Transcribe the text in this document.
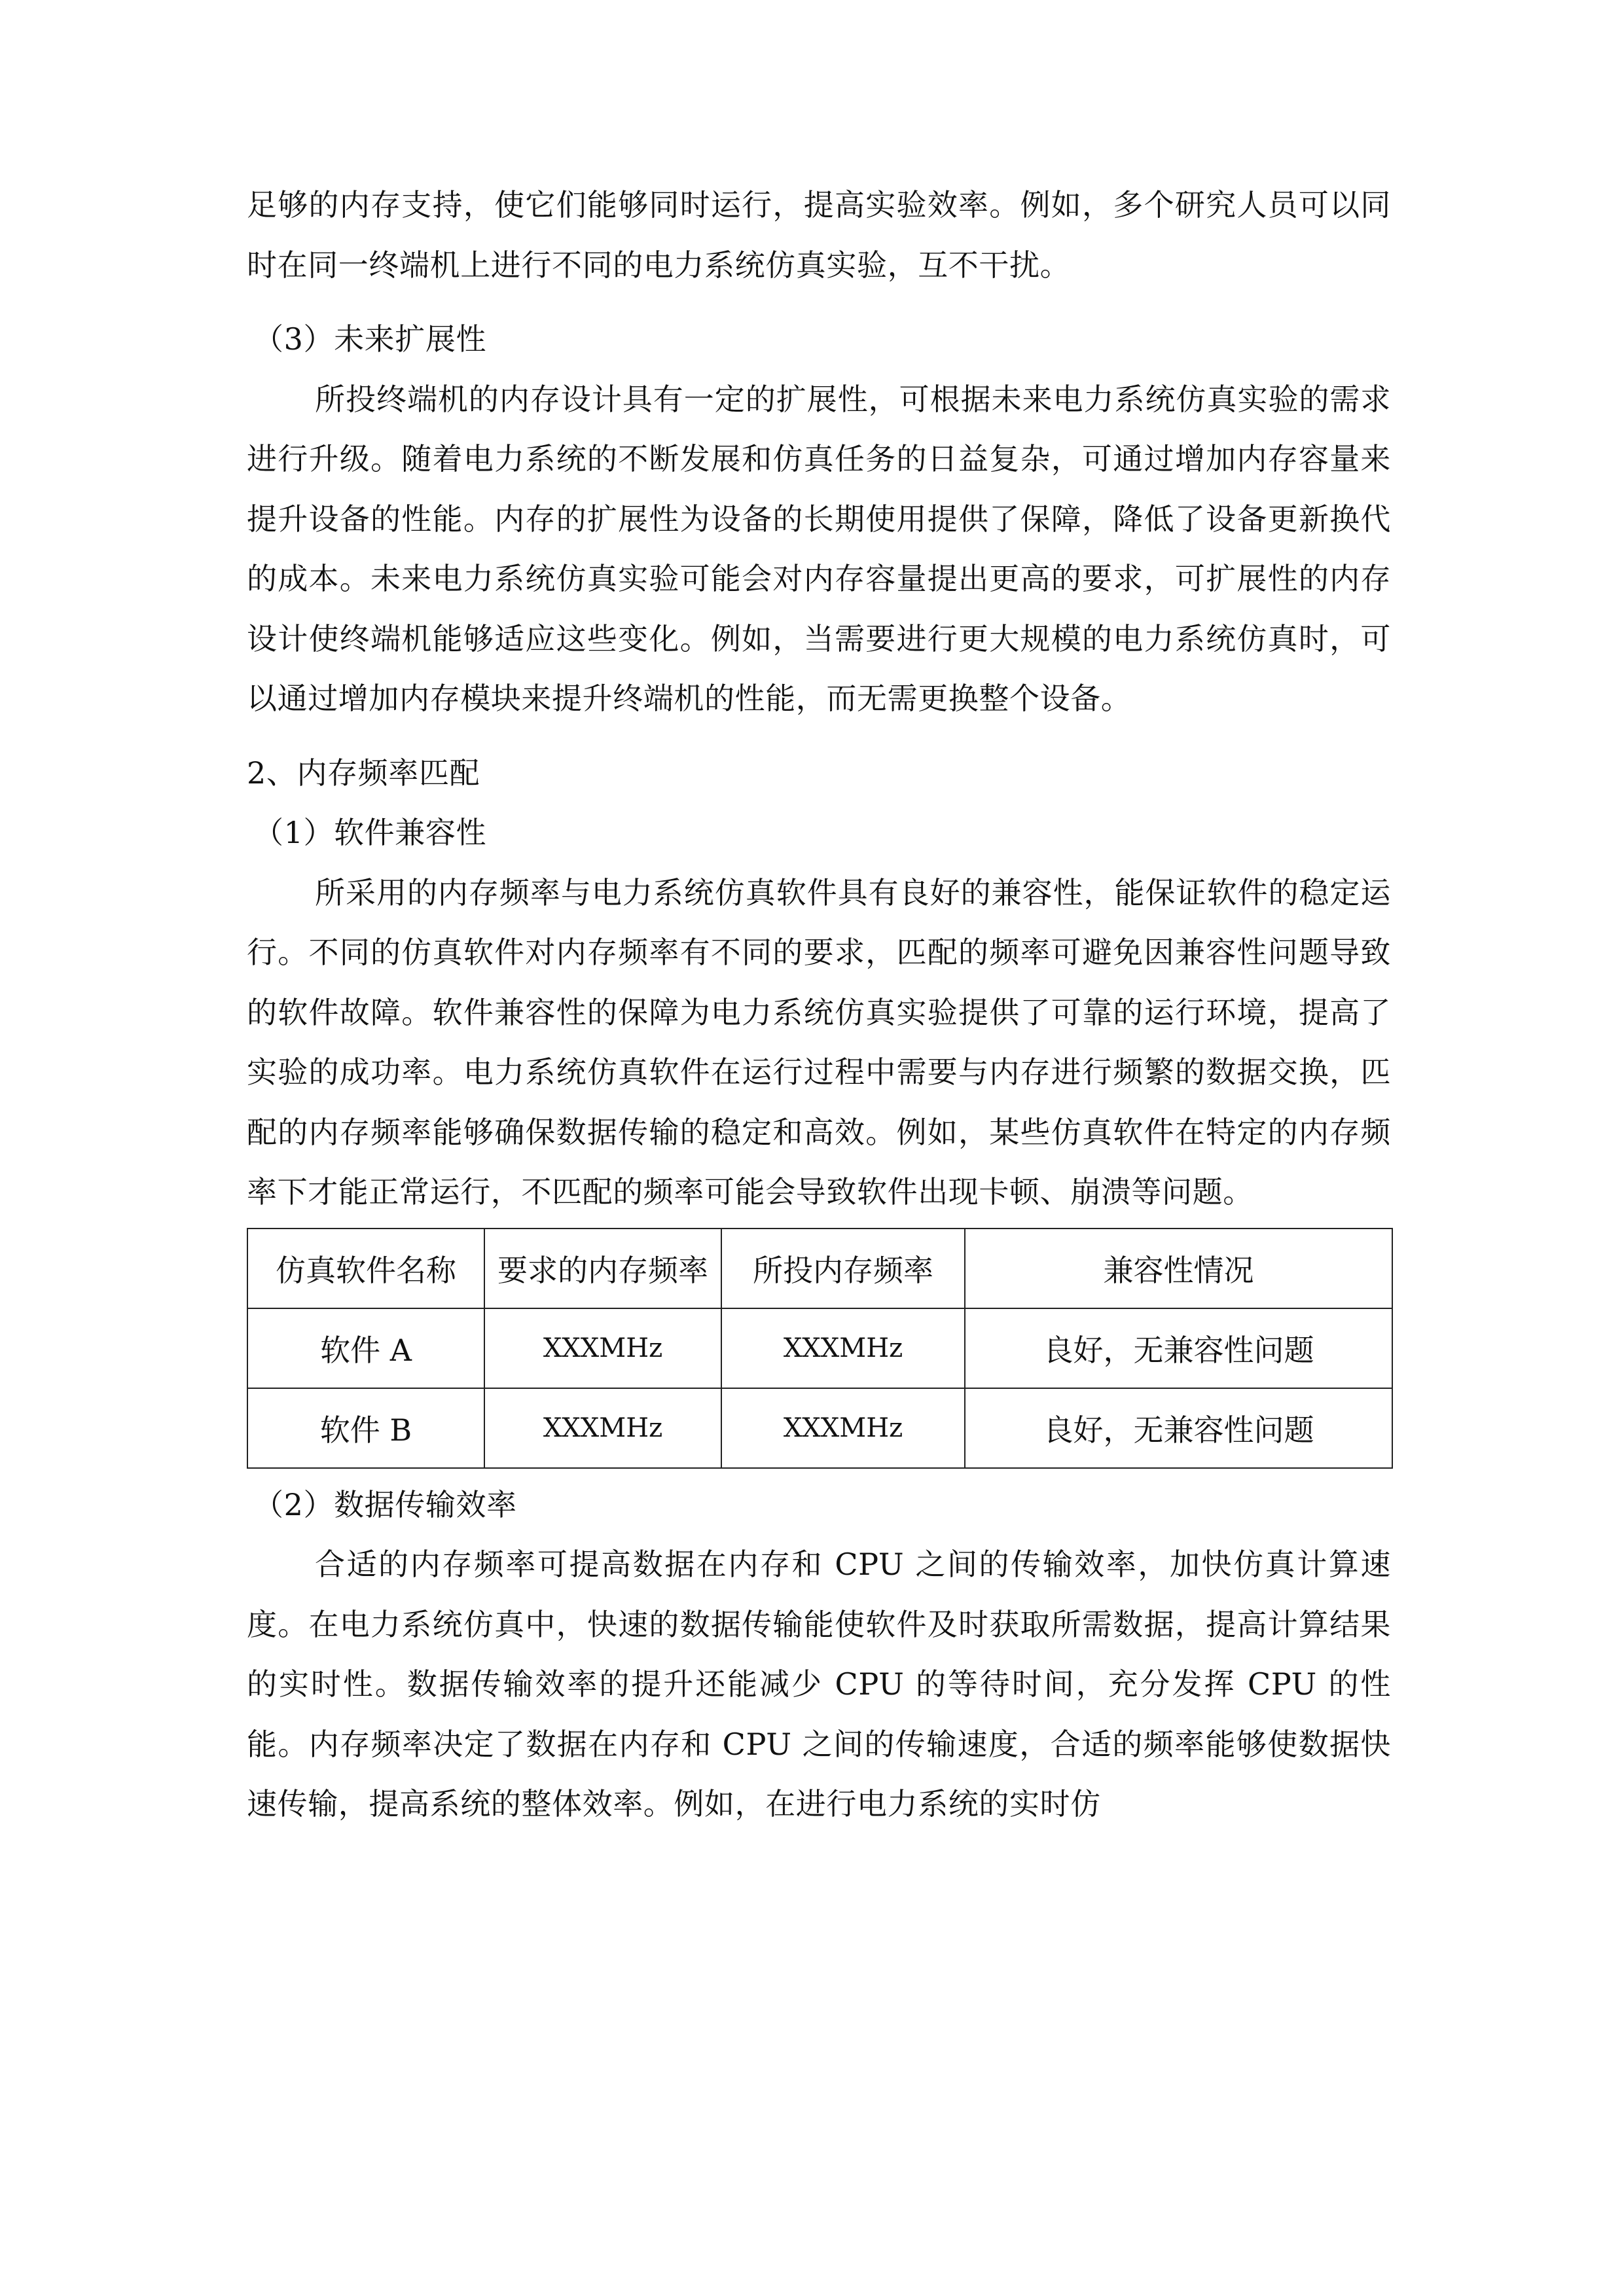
足够的内存支持，使它们能够同时运行，提高实验效率。例如，多个研究人员可以同时在同一终端机上进行不同的电力系统仿真实验，互不干扰。

（3）未来扩展性

所投终端机的内存设计具有一定的扩展性，可根据未来电力系统仿真实验的需求进行升级。随着电力系统的不断发展和仿真任务的日益复杂，可通过增加内存容量来提升设备的性能。内存的扩展性为设备的长期使用提供了保障，降低了设备更新换代的成本。未来电力系统仿真实验可能会对内存容量提出更高的要求，可扩展性的内存设计使终端机能够适应这些变化。例如，当需要进行更大规模的电力系统仿真时，可以通过增加内存模块来提升终端机的性能，而无需更换整个设备。

2、内存频率匹配

（1）软件兼容性

所采用的内存频率与电力系统仿真软件具有良好的兼容性，能保证软件的稳定运行。不同的仿真软件对内存频率有不同的要求，匹配的频率可避免因兼容性问题导致的软件故障。软件兼容性的保障为电力系统仿真实验提供了可靠的运行环境，提高了实验的成功率。电力系统仿真软件在运行过程中需要与内存进行频繁的数据交换，匹配的内存频率能够确保数据传输的稳定和高效。例如，某些仿真软件在特定的内存频率下才能正常运行，不匹配的频率可能会导致软件出现卡顿、崩溃等问题。

仿真软件名称	要求的内存频率	所投内存频率	兼容性情况
软件 A	XXXMHz	XXXMHz	良好，无兼容性问题
软件 B	XXXMHz	XXXMHz	良好，无兼容性问题

（2）数据传输效率

合适的内存频率可提高数据在内存和 CPU 之间的传输效率，加快仿真计算速度。在电力系统仿真中，快速的数据传输能使软件及时获取所需数据，提高计算结果的实时性。数据传输效率的提升还能减少 CPU 的等待时间，充分发挥 CPU 的性能。内存频率决定了数据在内存和 CPU 之间的传输速度，合适的频率能够使数据快速传输，提高系统的整体效率。例如，在进行电力系统的实时仿
